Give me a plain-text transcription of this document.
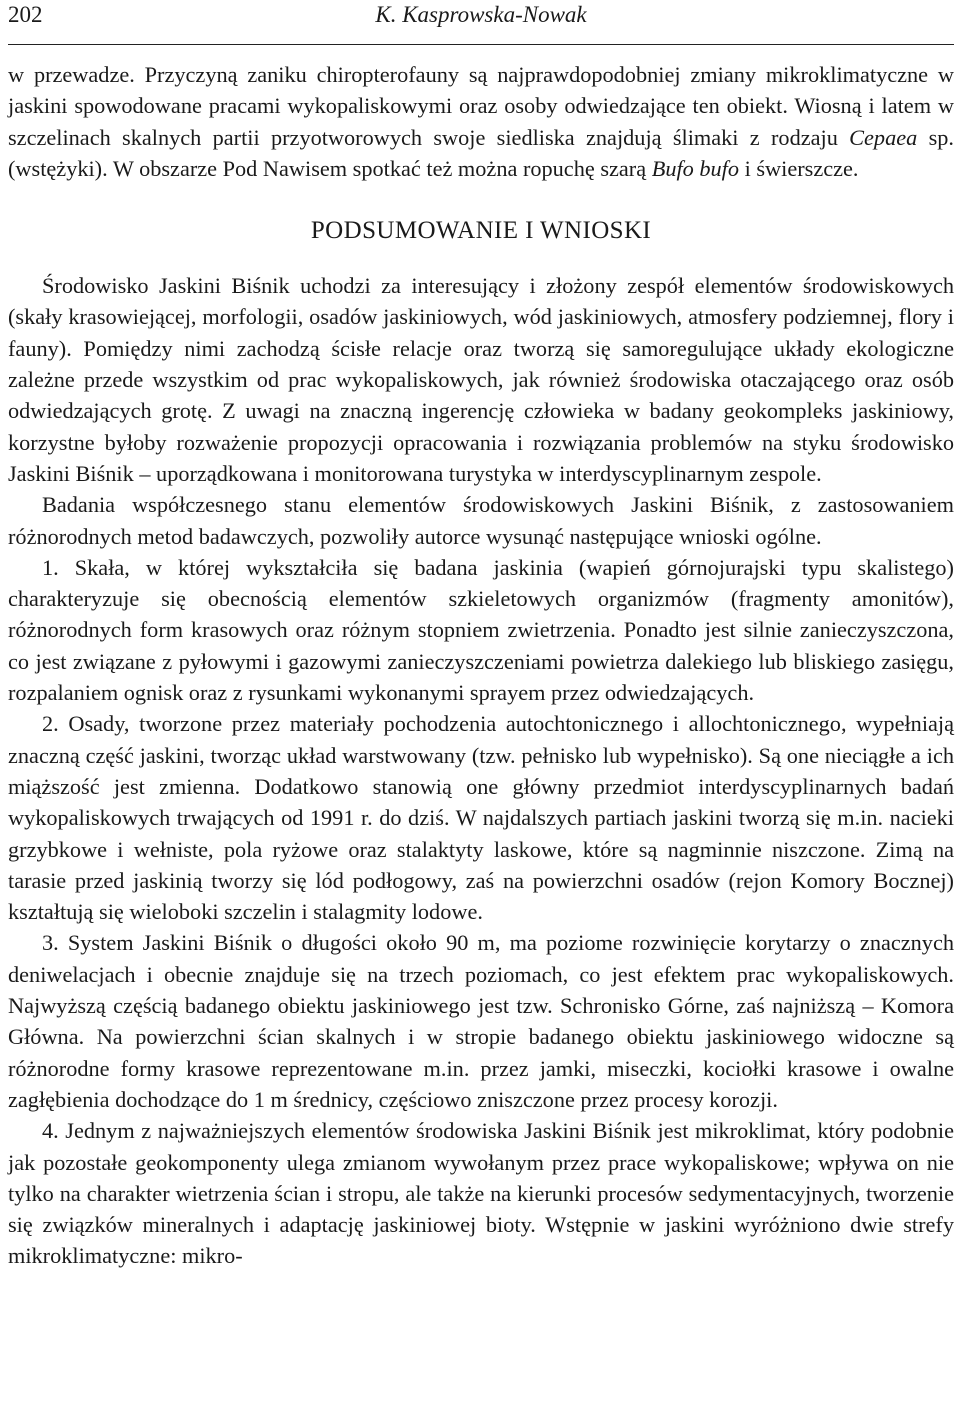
202	K. Kasprowska-Nowak

w przewadze. Przyczyną zaniku chiropterofauny są najprawdopodobniej zmiany mikroklimatyczne w jaskini spowodowane pracami wykopaliskowymi oraz osoby odwiedzające ten obiekt. Wiosną i latem w szczelinach skalnych partii przyotworowych swoje siedliska znajdują ślimaki z rodzaju Cepaea sp. (wstężyki). W obszarze Pod Nawisem spotkać też można ropuchę szarą Bufo bufo i świerszcze.

PODSUMOWANIE I WNIOSKI

Środowisko Jaskini Biśnik uchodzi za interesujący i złożony zespół elementów środowiskowych (skały krasowiejącej, morfologii, osadów jaskiniowych, wód jaskiniowych, atmosfery podziemnej, flory i fauny). Pomiędzy nimi zachodzą ścisłe relacje oraz tworzą się samoregulujące układy ekologiczne zależne przede wszystkim od prac wykopaliskowych, jak również środowiska otaczającego oraz osób odwiedzających grotę. Z uwagi na znaczną ingerencję człowieka w badany geokompleks jaskiniowy, korzystne byłoby rozważenie propozycji opracowania i rozwiązania problemów na styku środowisko Jaskini Biśnik – uporządkowana i monitorowana turystyka w interdyscyplinarnym zespole.

Badania współczesnego stanu elementów środowiskowych Jaskini Biśnik, z zastosowaniem różnorodnych metod badawczych, pozwoliły autorce wysunąć następujące wnioski ogólne.

1. Skała, w której wykształciła się badana jaskinia (wapień górnojurajski typu skalistego) charakteryzuje się obecnością elementów szkieletowych organizmów (fragmenty amonitów), różnorodnych form krasowych oraz różnym stopniem zwietrzenia. Ponadto jest silnie zanieczyszczona, co jest związane z pyłowymi i gazowymi zanieczyszczeniami powietrza dalekiego lub bliskiego zasięgu, rozpalaniem ognisk oraz z rysunkami wykonanymi sprayem przez odwiedzających.

2. Osady, tworzone przez materiały pochodzenia autochtonicznego i allochtonicznego, wypełniają znaczną część jaskini, tworząc układ warstwowany (tzw. pełnisko lub wypełnisko). Są one nieciągłe a ich miąższość jest zmienna. Dodatkowo stanowią one główny przedmiot interdyscyplinarnych badań wykopaliskowych trwających od 1991 r. do dziś. W najdalszych partiach jaskini tworzą się m.in. nacieki grzybkowe i wełniste, pola ryżowe oraz stalaktyty laskowe, które są nagminnie niszczone. Zimą na tarasie przed jaskinią tworzy się lód podłogowy, zaś na powierzchni osadów (rejon Komory Bocznej) kształtują się wieloboki szczelin i stalagmity lodowe.

3. System Jaskini Biśnik o długości około 90 m, ma poziome rozwinięcie korytarzy o znacznych deniwelacjach i obecnie znajduje się na trzech poziomach, co jest efektem prac wykopaliskowych. Najwyższą częścią badanego obiektu jaskiniowego jest tzw. Schronisko Górne, zaś najniższą – Komora Główna. Na powierzchni ścian skalnych i w stropie badanego obiektu jaskiniowego widoczne są różnorodne formy krasowe reprezentowane m.in. przez jamki, miseczki, kociołki krasowe i owalne zagłębienia dochodzące do 1 m średnicy, częściowo zniszczone przez procesy korozji.

4. Jednym z najważniejszych elementów środowiska Jaskini Biśnik jest mikroklimat, który podobnie jak pozostałe geokomponenty ulega zmianom wywołanym przez prace wykopaliskowe; wpływa on nie tylko na charakter wietrzenia ścian i stropu, ale także na kierunki procesów sedymentacyjnych, tworzenie się związków mineralnych i adaptację jaskiniowej bioty. Wstępnie w jaskini wyróżniono dwie strefy mikroklimatyczne: mikro-
